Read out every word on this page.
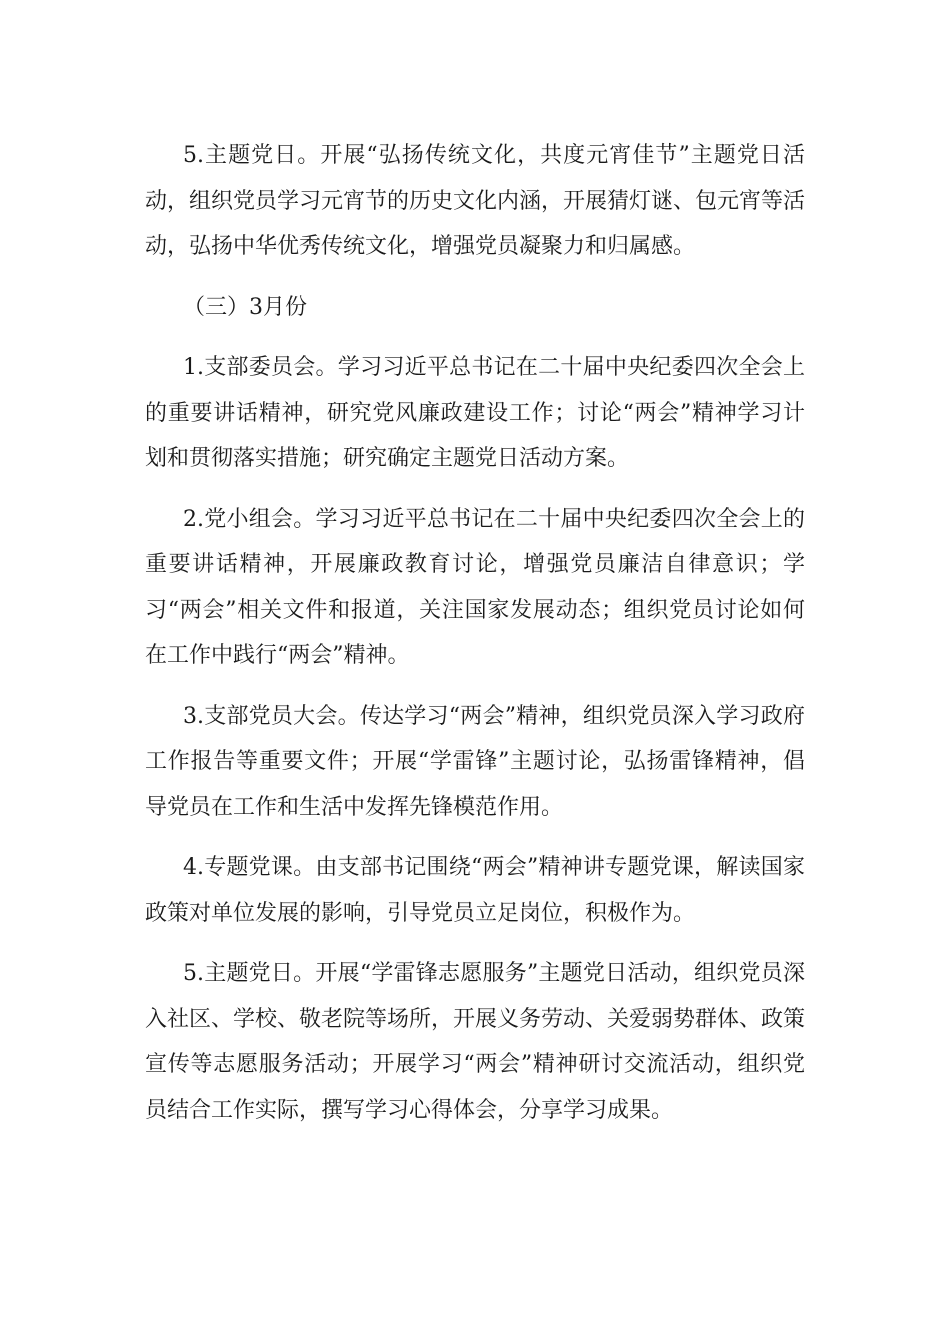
5.主题党日。开展“弘扬传统文化，共度元宵佳节”主题党日活动，组织党员学习元宵节的历史文化内涵，开展猜灯谜、包元宵等活动，弘扬中华优秀传统文化，增强党员凝聚力和归属感。

（三）3月份

1.支部委员会。学习习近平总书记在二十届中央纪委四次全会上的重要讲话精神，研究党风廉政建设工作；讨论“两会”精神学习计划和贯彻落实措施；研究确定主题党日活动方案。

2.党小组会。学习习近平总书记在二十届中央纪委四次全会上的重要讲话精神，开展廉政教育讨论，增强党员廉洁自律意识；学习“两会”相关文件和报道，关注国家发展动态；组织党员讨论如何在工作中践行“两会”精神。

3.支部党员大会。传达学习“两会”精神，组织党员深入学习政府工作报告等重要文件；开展“学雷锋”主题讨论，弘扬雷锋精神，倡导党员在工作和生活中发挥先锋模范作用。

4.专题党课。由支部书记围绕“两会”精神讲专题党课，解读国家政策对单位发展的影响，引导党员立足岗位，积极作为。

5.主题党日。开展“学雷锋志愿服务”主题党日活动，组织党员深入社区、学校、敬老院等场所，开展义务劳动、关爱弱势群体、政策宣传等志愿服务活动；开展学习“两会”精神研讨交流活动，组织党员结合工作实际，撰写学习心得体会，分享学习成果。
